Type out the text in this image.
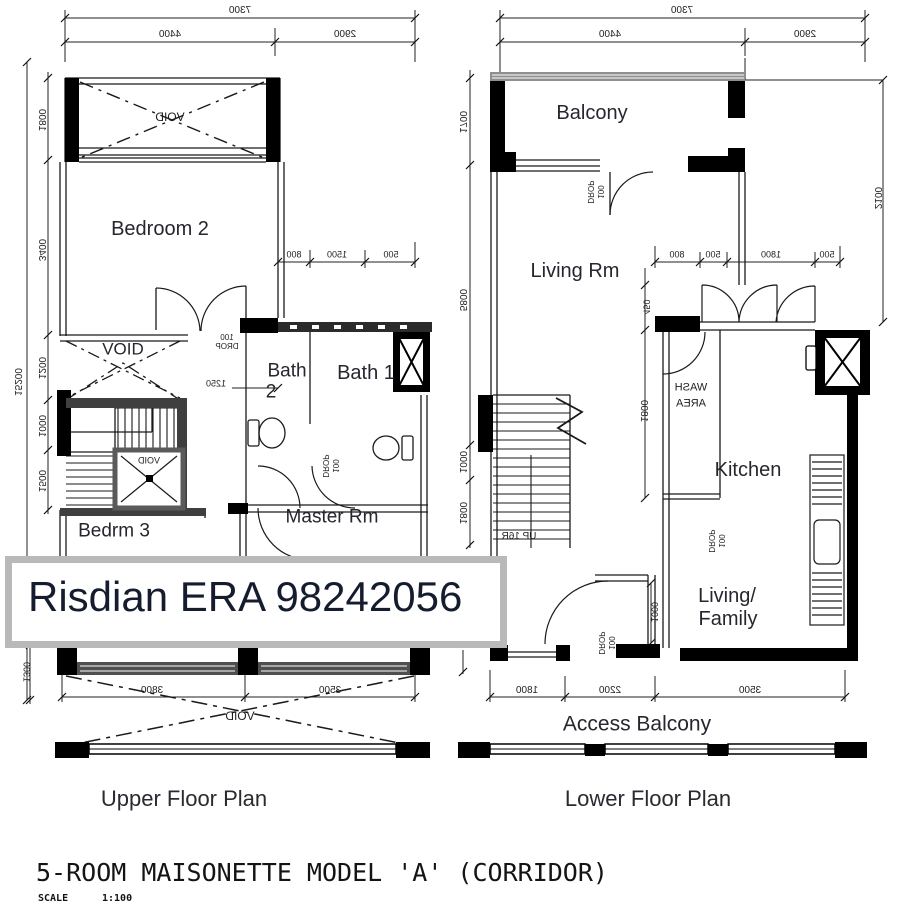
7300
4400	2900
VOID
Bedroom 2
15200
1800
3400
1200
1000
1500
800	1500	500
VOID
100
DROP
1250
Bath
2
Bath 1
DROP 100
Master Rm
Bedrm 3
VOID
3800	3500
1300
VOID
Upper Floor Plan
7300
4400	2900
Balcony
1700
5800
1000
1800
2100
DROP 100
Living Rm
800 500	1800	500
450
1800
WASH
AREA
Kitchen
DROP 100
UP 16R
Living/
Family
DROP 100
1000
1800	2200	3500
Access Balcony
Lower Floor Plan
Risdian ERA 98242056
5-ROOM MAISONETTE MODEL 'A' (CORRIDOR)
SCALE	1:100
